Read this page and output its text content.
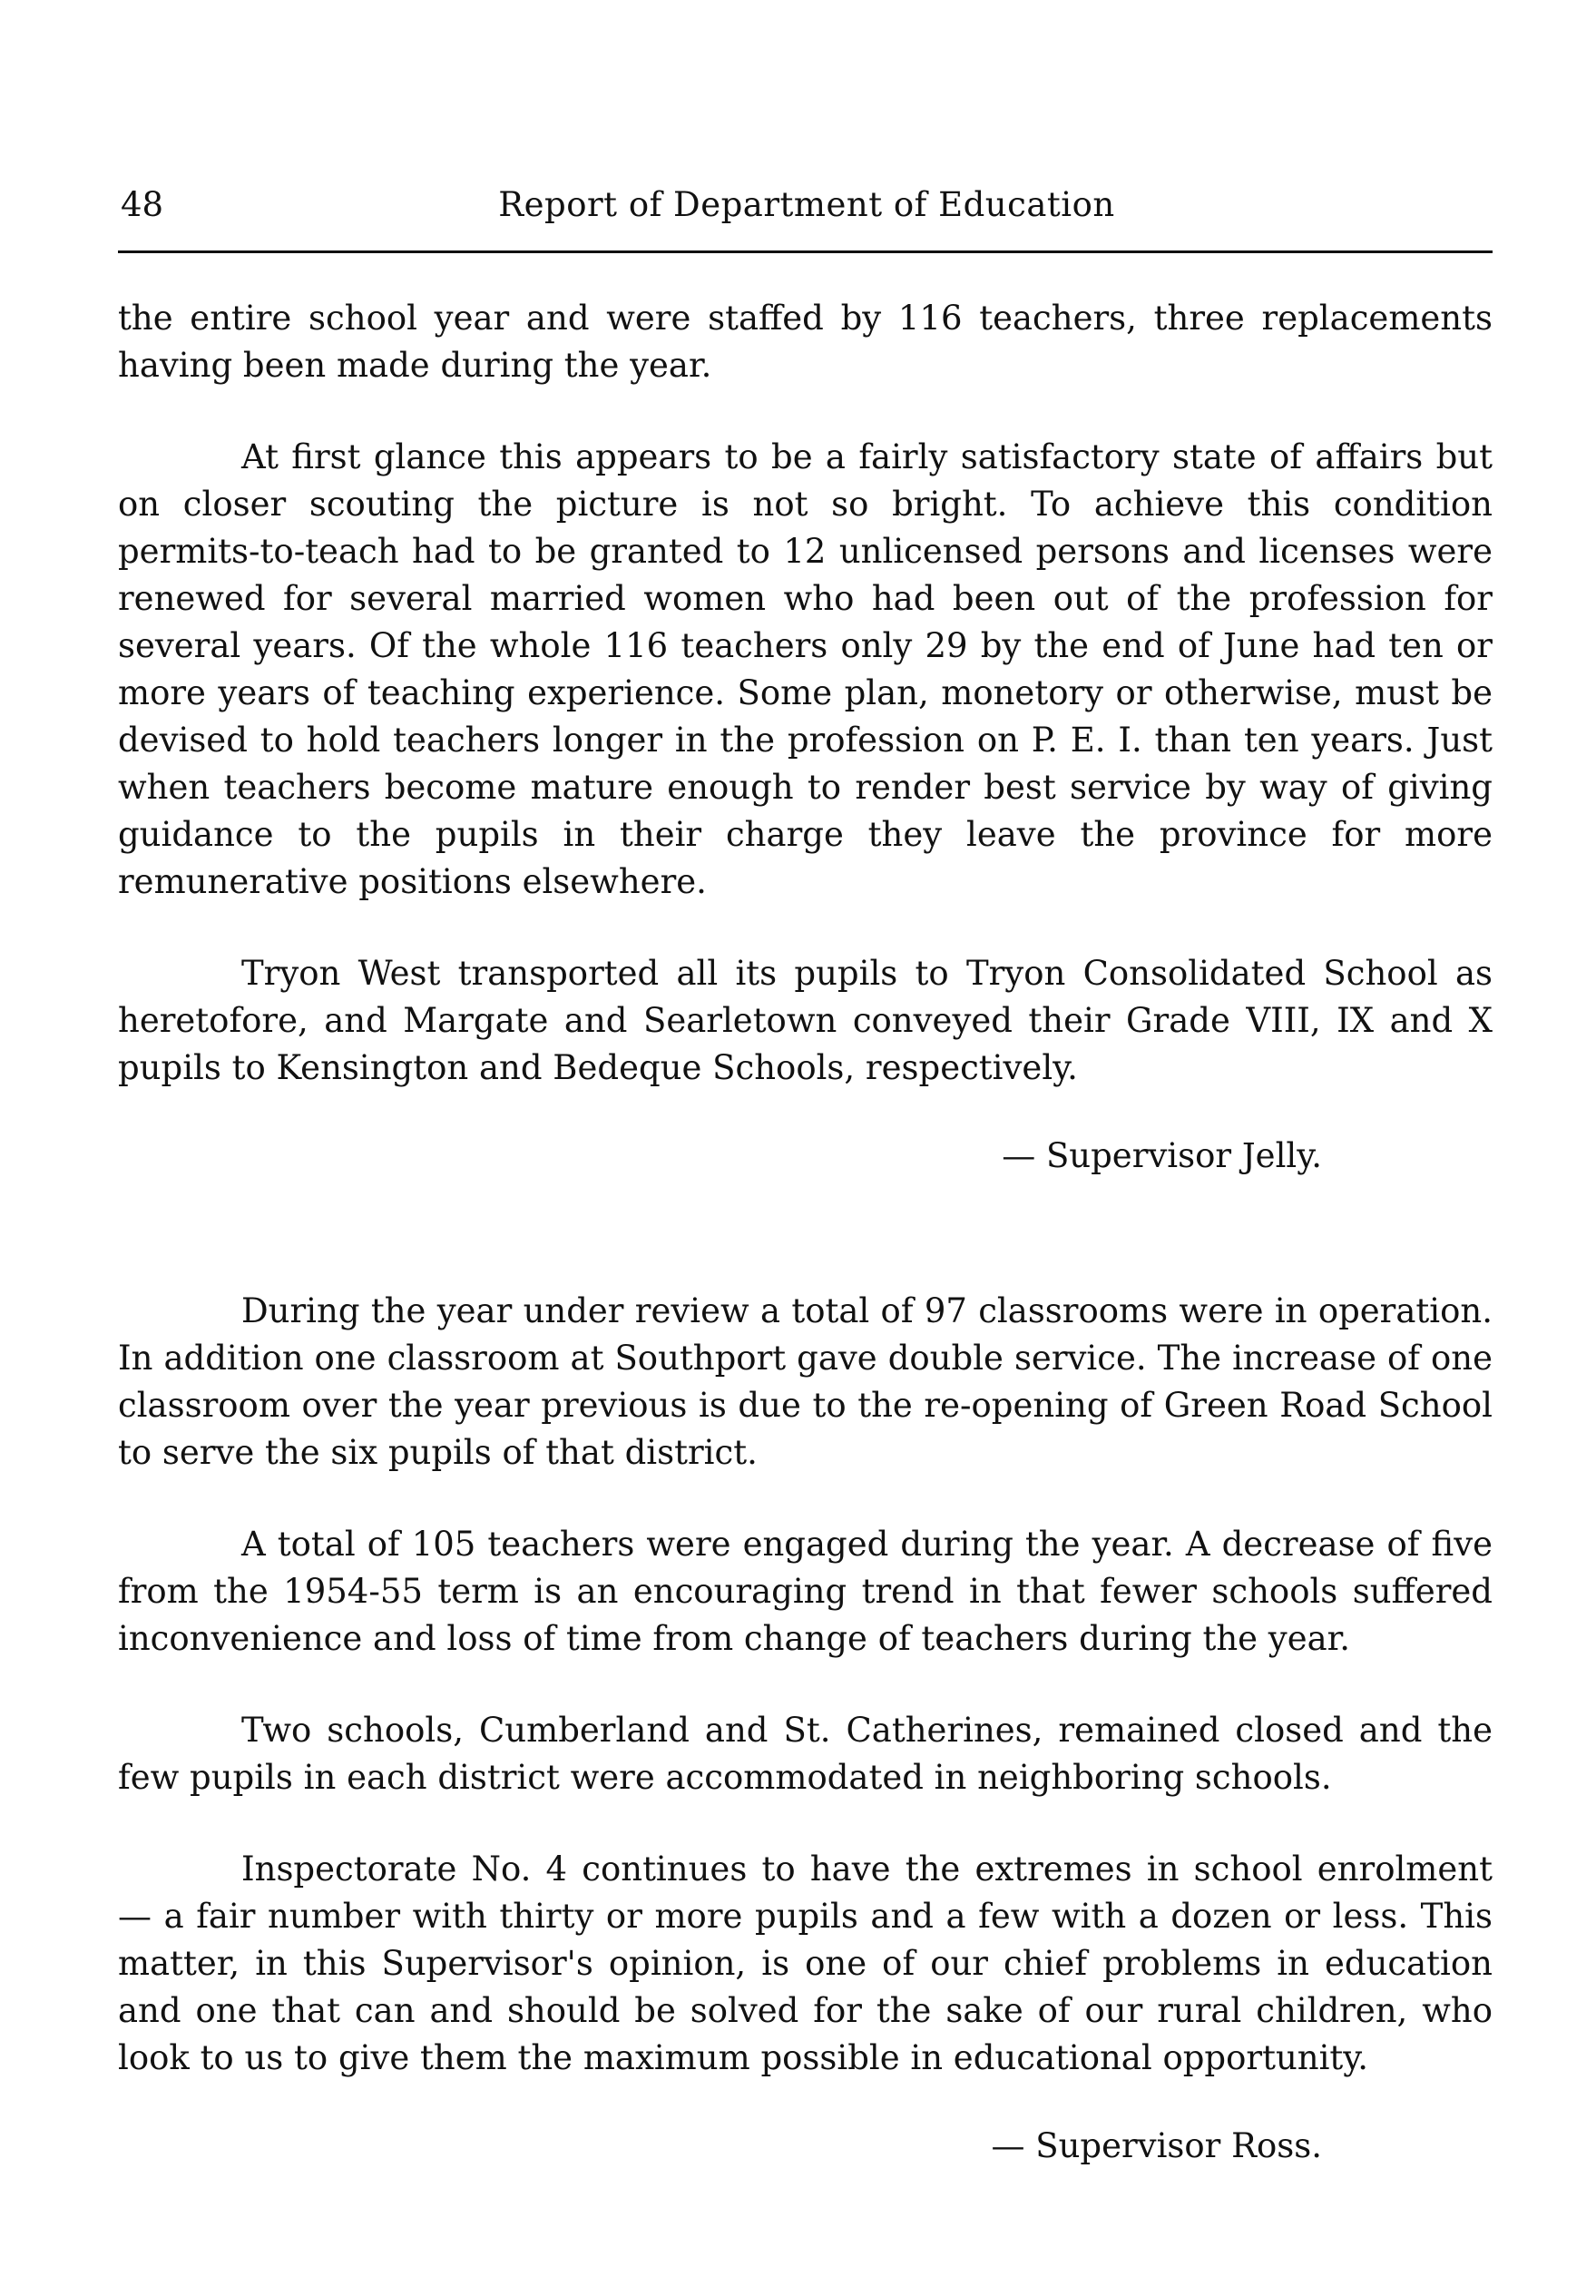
48	Report of Department of Education

the entire school year and were staffed by 116 teachers, three replacements having been made during the year.

At first glance this appears to be a fairly satisfactory state of affairs but on closer scouting the picture is not so bright. To achieve this condition permits-to-teach had to be granted to 12 unlicensed persons and licenses were renewed for several married women who had been out of the profession for several years. Of the whole 116 teachers only 29 by the end of June had ten or more years of teaching experience. Some plan, monetory or otherwise, must be devised to hold teachers longer in the profession on P. E. I. than ten years. Just when teachers become mature enough to render best service by way of giving guidance to the pupils in their charge they leave the province for more remunerative positions elsewhere.

Tryon West transported all its pupils to Tryon Consolidated School as heretofore, and Margate and Searletown conveyed their Grade VIII, IX and X pupils to Kensington and Bedeque Schools, respectively.

— Supervisor Jelly.

During the year under review a total of 97 classrooms were in operation. In addition one classroom at Southport gave double service. The increase of one classroom over the year previous is due to the re-opening of Green Road School to serve the six pupils of that district.

A total of 105 teachers were engaged during the year. A decrease of five from the 1954-55 term is an encouraging trend in that fewer schools suffered inconvenience and loss of time from change of teachers during the year.

Two schools, Cumberland and St. Catherines, remained closed and the few pupils in each district were accommodated in neighboring schools.

Inspectorate No. 4 continues to have the extremes in school enrolment — a fair number with thirty or more pupils and a few with a dozen or less. This matter, in this Supervisor's opinion, is one of our chief problems in education and one that can and should be solved for the sake of our rural children, who look to us to give them the maximum possible in educational opportunity.

— Supervisor Ross.
